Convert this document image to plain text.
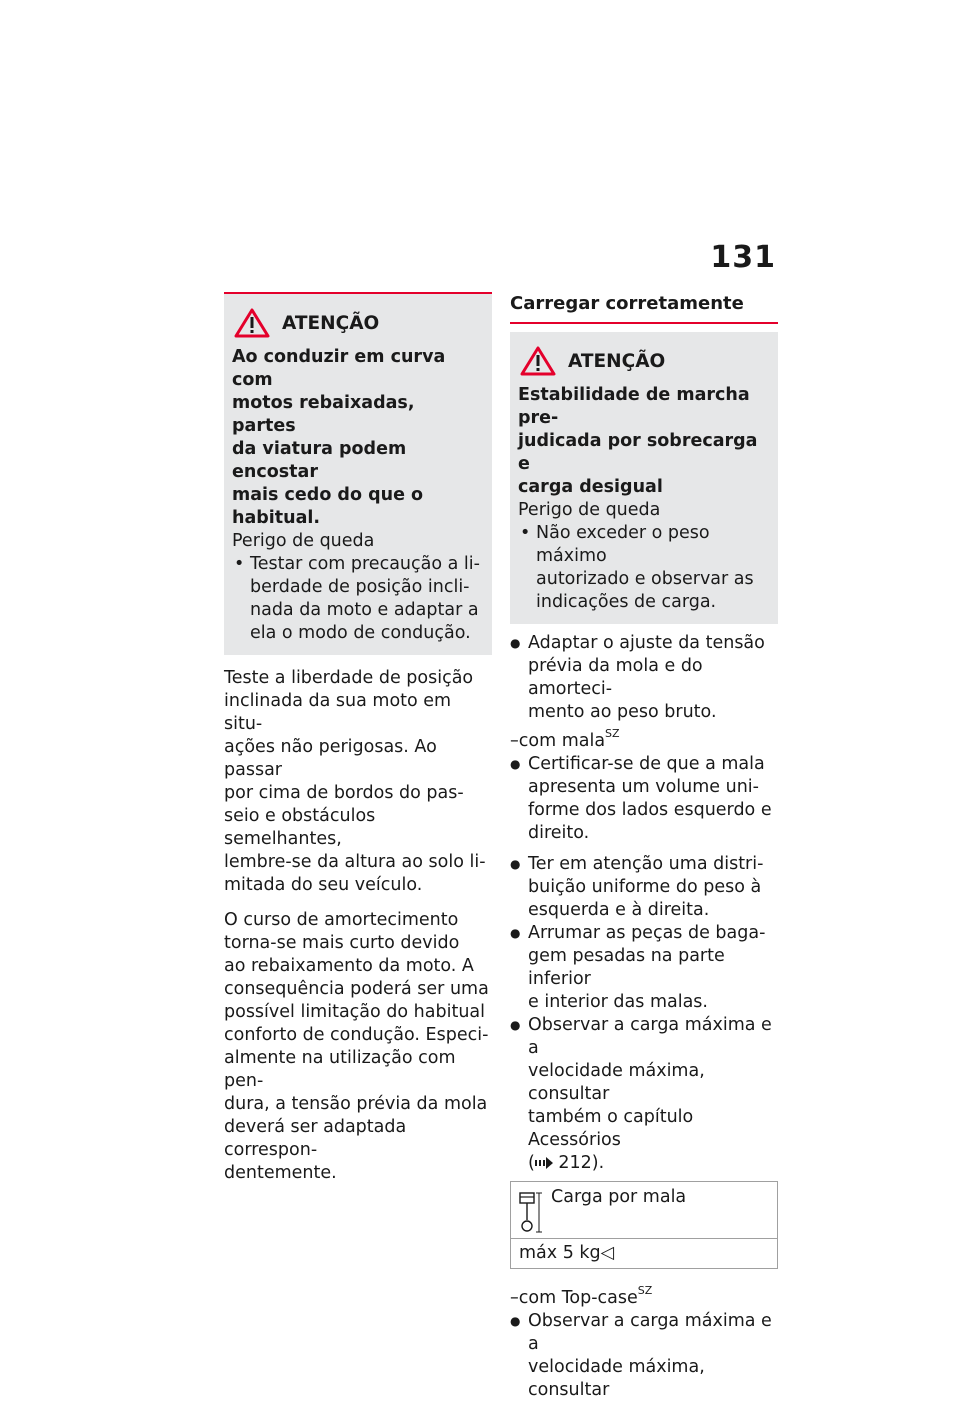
131
ATENÇÃO
Ao conduzir em curva com
motos rebaixadas, partes
da viatura podem encostar
mais cedo do que o habitual.
Perigo de queda
• Testar com precaução a li-
berdade de posição incli-
nada da moto e adaptar a
ela o modo de condução.
Teste a liberdade de posição
inclinada da sua moto em situ-
ações não perigosas. Ao passar
por cima de bordos do pas-
seio e obstáculos semelhantes,
lembre-se da altura ao solo li-
mitada do seu veículo.
O curso de amortecimento
torna-se mais curto devido
ao rebaixamento da moto. A
consequência poderá ser uma
possível limitação do habitual
conforto de condução. Especi-
almente na utilização com pen-
dura, a tensão prévia da mola
deverá ser adaptada correspon-
dentemente.
Carregar corretamente
ATENÇÃO
Estabilidade de marcha pre-
judicada por sobrecarga e
carga desigual
Perigo de queda
• Não exceder o peso máximo
autorizado e observar as
indicações de carga.
● Adaptar o ajuste da tensão
prévia da mola e do amorteci-
mento ao peso bruto.
–com mala$^{SZ}$
● Certificar-se de que a mala
apresenta um volume uni-
forme dos lados esquerdo e
direito.
● Ter em atenção uma distri-
buição uniforme do peso à
esquerda e à direita.
● Arrumar as peças de baga-
gem pesadas na parte inferior
e interior das malas.
● Observar a carga máxima e a
velocidade máxima, consultar
também o capítulo Acessórios
( 212).
Carga por mala
máx 5 kg◁
–com Top-case$^{SZ}$
● Observar a carga máxima e a
velocidade máxima, consultar
